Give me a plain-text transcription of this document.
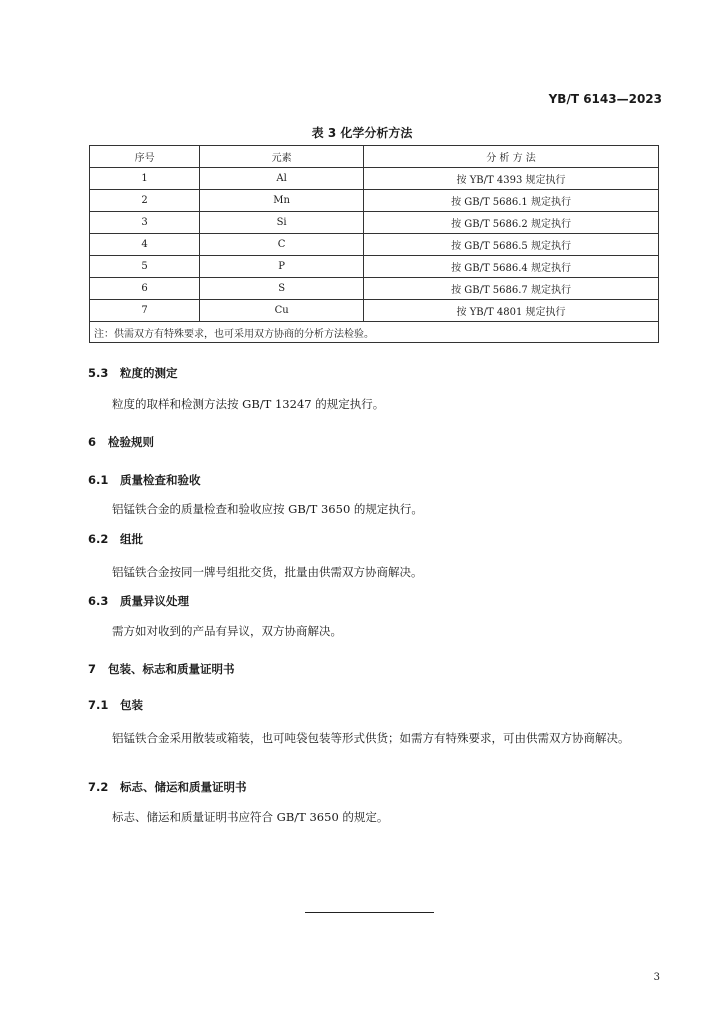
YB/T 6143—2023
表 3 化学分析方法
序号	元素	分 析 方 法
1	Al	按 YB/T 4393 规定执行
2	Mn	按 GB/T 5686.1 规定执行
3	Si	按 GB/T 5686.2 规定执行
4	C	按 GB/T 5686.5 规定执行
5	P	按 GB/T 5686.4 规定执行
6	S	按 GB/T 5686.7 规定执行
7	Cu	按 YB/T 4801 规定执行
注：供需双方有特殊要求，也可采用双方协商的分析方法检验。		
5.3 粒度的测定
粒度的取样和检测方法按 GB/T 13247 的规定执行。
6 检验规则
6.1 质量检查和验收
铝锰铁合金的质量检查和验收应按 GB/T 3650 的规定执行。
6.2 组批
铝锰铁合金按同一牌号组批交货，批量由供需双方协商解决。
6.3 质量异议处理
需方如对收到的产品有异议，双方协商解决。
7 包装、标志和质量证明书
7.1 包装
铝锰铁合金采用散装或箱装，也可吨袋包装等形式供货；如需方有特殊要求，可由供需双方协商解决。
7.2 标志、储运和质量证明书
标志、储运和质量证明书应符合 GB/T 3650 的规定。
3
